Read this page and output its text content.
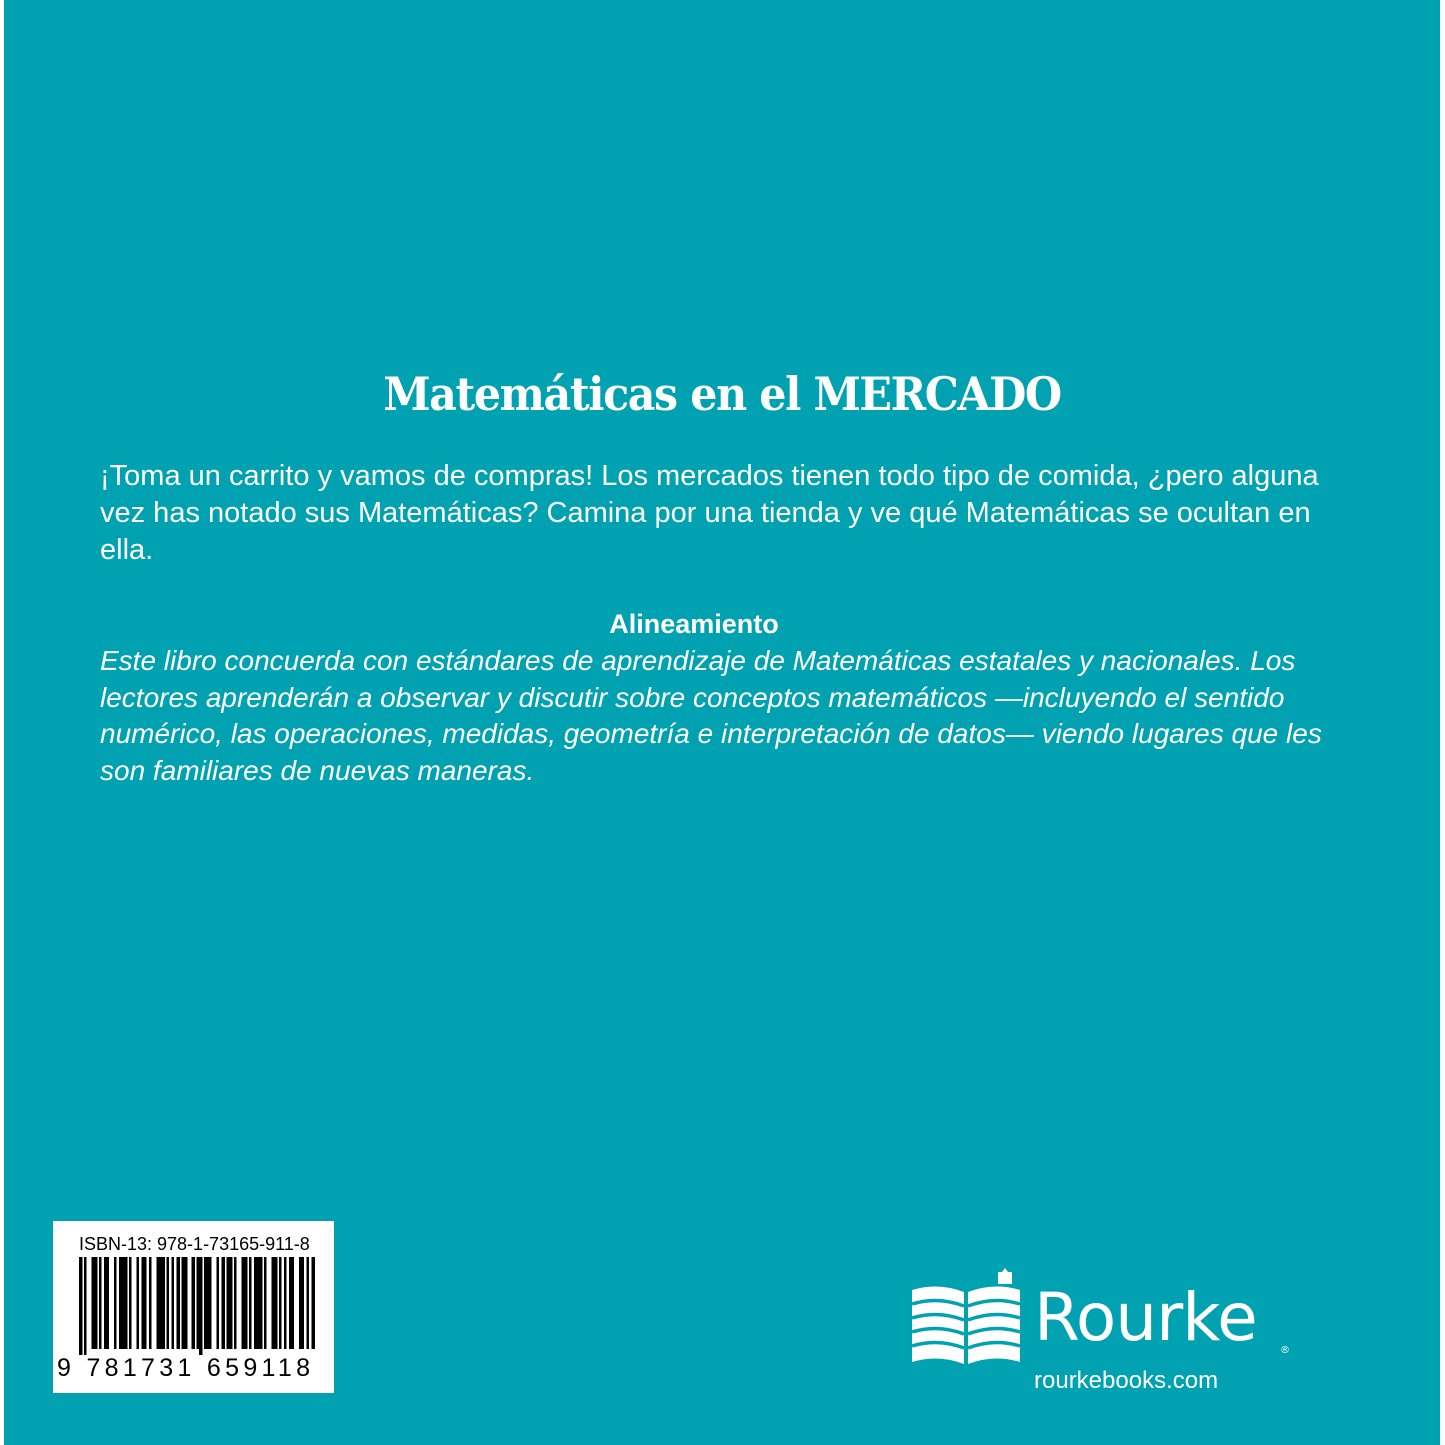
Matemáticas en el MERCADO

¡Toma un carrito y vamos de compras! Los mercados tienen todo tipo de comida, ¿pero alguna vez has notado sus Matemáticas? Camina por una tienda y ve qué Matemáticas se ocultan en ella.

Alineamiento

Este libro concuerda con estándares de aprendizaje de Matemáticas estatales y nacionales. Los lectores aprenderán a observar y discutir sobre conceptos matemáticos —incluyendo el sentido numérico, las operaciones, medidas, geometría e interpretación de datos— viendo lugares que les son familiares de nuevas maneras.

ISBN-13: 978-1-73165-911-8
9 781731 659118
Rourke ®
rourkebooks.com
